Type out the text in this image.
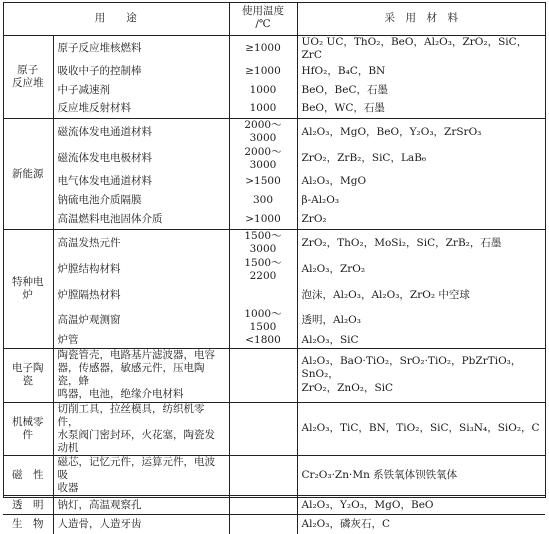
用　　途		使用温度
/℃	采　用　材　料
原子
反应堆	原子反应堆核燃料	≥1000	UO₂ UC，ThO₂，BeO，Al₂O₃，ZrO₂，SiC，ZrC
	吸收中子的控制棒	≥1000	HfO₂，B₄C，BN
	中子减速剂	1000	BeO，BeC，石墨
	反应堆反射材料	1000	BeO，WC，石墨
新能源	磁流体发电通道材料	2000～3000	Al₂O₃，MgO，BeO，Y₂O₃，ZrSrO₃
	磁流体发电电极材料	2000～3000	ZrO₂，ZrB₂，SiC，LaB₆
	电气体发电通道材料	>1500	Al₂O₃，MgO
	钠硫电池介质隔膜	300	β-Al₂O₃
	高温燃料电池固体介质	>1000	ZrO₂
特种电炉	高温发热元件	1500～3000	ZrO₂，ThO₂，MoSi₂，SiC，ZrB₂，石墨
	炉膛结构材料	1500～2200	Al₂O₃，ZrO₂
	炉膛隔热材料		泡沫，Al₂O₃，Al₂O₃，ZrO₂ 中空球
	高温炉观测窗	1000～1500	透明，Al₂O₃
	炉管	<1800	Al₂O₃，SiC
电子陶瓷	陶瓷管壳，电路基片滤波器，电容
器，传感器，敏感元件，压电陶瓷，蜂
鸣器，电池，绝缘介电材料		Al₂O₃，BaO·TiO₂，SrO₂·TiO₂，PbZrTiO₃，SnO₂，
ZrO₂，ZnO₂，SiC
机械零件	切削工具，拉丝模具，纺织机零件，
水泵阀门密封环，火花塞，陶瓷发动机		Al₂O₃，TiC，BN，TiO₂，SiC，Si₃N₄，SiO₂，C
磁　性	磁芯，记忆元件，运算元件，电波吸
收器		Cr₂O₃·Zn·Mn 系铁氧体钡铁氧体
透　明	钠灯，高温观察孔		Al₂O₃，Y₂O₃，MgO，BeO
生　物	人造骨，人造牙齿		Al₂O₃，磷灰石，C
